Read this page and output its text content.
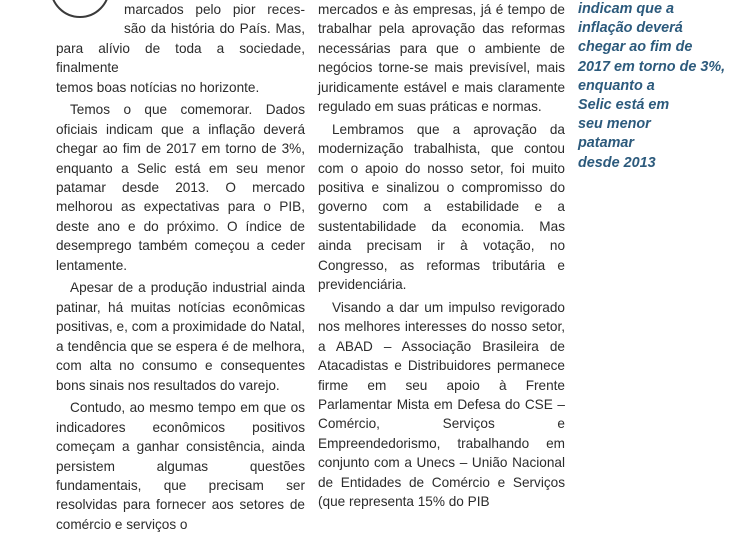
marcados pelo pior reces-
são da história do País. Mas,
para alívio de toda a sociedade, finalmente
temos boas notícias no horizonte.

Temos o que comemorar. Dados oficiais indicam que a inflação deverá chegar ao fim de 2017 em torno de 3%, enquanto a Selic está em seu menor patamar desde 2013. O mercado melhorou as expectativas para o PIB, deste ano e do próximo. O índice de desemprego também começou a ceder lentamente.

Apesar de a produção industrial ainda patinar, há muitas notícias econômicas positivas, e, com a proximidade do Natal, a tendência que se espera é de melhora, com alta no consumo e consequentes bons sinais nos resultados do varejo.

Contudo, ao mesmo tempo em que os indicadores econômicos positivos começam a ganhar consistência, ainda persistem algumas questões fundamentais, que precisam ser resolvidas para fornecer aos setores de comércio e serviços o

mercados e às empresas, já é tempo de trabalhar pela aprovação das reformas necessárias para que o ambiente de negócios torne-se mais previsível, mais juridicamente estável e mais claramente regulado em suas práticas e normas.

Lembramos que a aprovação da modernização trabalhista, que contou com o apoio do nosso setor, foi muito positiva e sinalizou o compromisso do governo com a estabilidade e a sustentabilidade da economia. Mas ainda precisam ir à votação, no Congresso, as reformas tributária e previdenciária.

Visando a dar um impulso revigorado nos melhores interesses do nosso setor, a ABAD – Associação Brasileira de Atacadistas e Distribuidores permanece firme em seu apoio à Frente Parlamentar Mista em Defesa do CSE – Comércio, Serviços e Empreendedorismo, trabalhando em conjunto com a Unecs – União Nacional de Entidades de Comércio e Serviços (que representa 15% do PIB

indicam que a
inflação deverá
chegar ao fim de
2017 em torno de 3%,
enquanto a
Selic está em
seu menor
patamar
desde 2013
